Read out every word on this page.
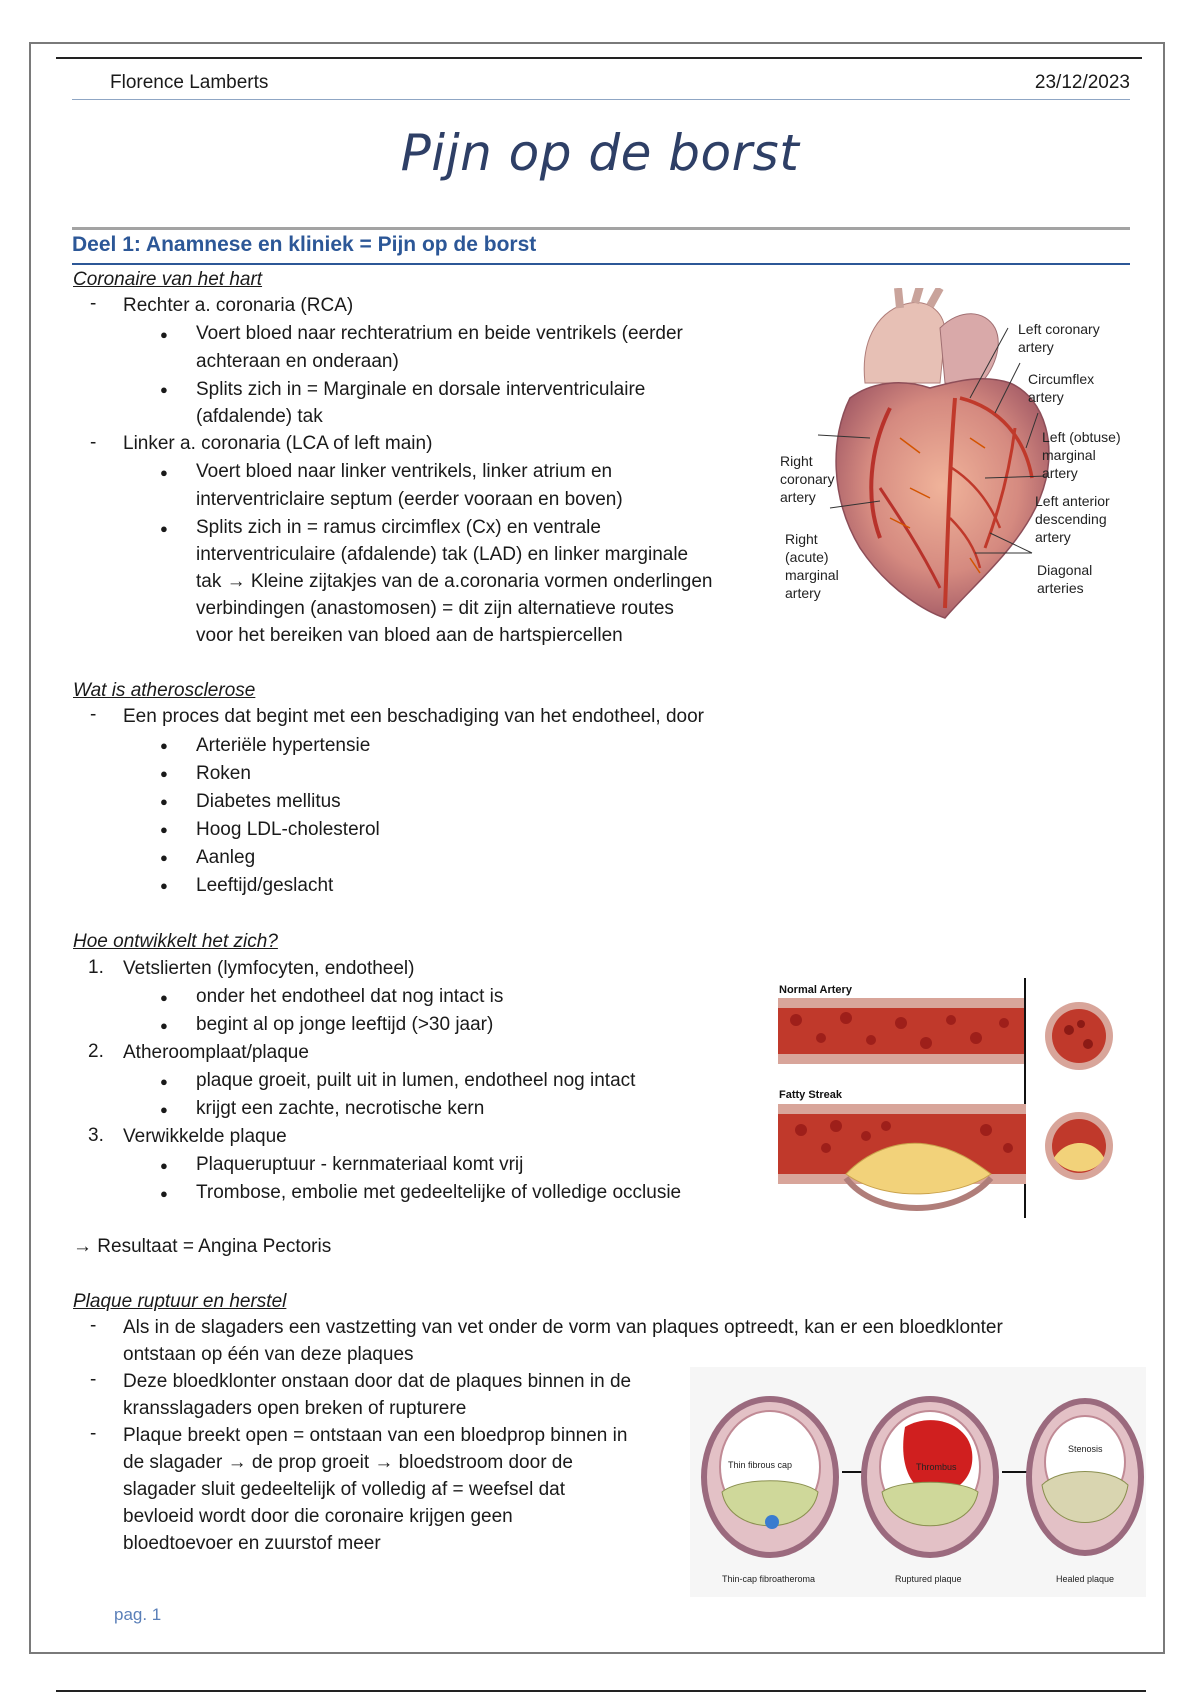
Florence Lamberts	23/12/2023
Pijn op de borst
Deel 1: Anamnese en kliniek = Pijn op de borst
Coronaire van het hart
- Rechter a. coronaria (RCA)
● Voert bloed naar rechteratrium en beide ventrikels (eerder
achteraan en onderaan)
● Splits zich in = Marginale en dorsale interventriculaire
(afdalende) tak
- Linker a. coronaria (LCA of left main)
● Voert bloed naar linker ventrikels, linker atrium en
interventriclaire septum (eerder vooraan en boven)
● Splits zich in = ramus circimflex (Cx) en ventrale
interventriculaire (afdalende) tak (LAD) en linker marginale
tak → Kleine zijtakjes van de a.coronaria vormen onderlingen
verbindingen (anastomosen) = dit zijn alternatieve routes
voor het bereiken van bloed aan de hartspiercellen
Left coronary
artery
Circumflex
artery
Left (obtuse)
marginal
artery
Left anterior
descending
artery
Diagonal
arteries
Right
coronary
artery
Right
(acute)
marginal
artery
Wat is atherosclerose
- Een proces dat begint met een beschadiging van het endotheel, door
● Arteriële hypertensie
● Roken
● Diabetes mellitus
● Hoog LDL-cholesterol
● Aanleg
● Leeftijd/geslacht
Hoe ontwikkelt het zich?
1. Vetslierten (lymfocyten, endotheel)
● onder het endotheel dat nog intact is
● begint al op jonge leeftijd (>30 jaar)
2. Atheroomplaat/plaque
● plaque groeit, puilt uit in lumen, endotheel nog intact
● krijgt een zachte, necrotische kern
3. Verwikkelde plaque
● Plaqueruptuur - kernmateriaal komt vrij
● Trombose, embolie met gedeeltelijke of volledige occlusie
→ Resultaat = Angina Pectoris
Normal Artery
Fatty Streak
Plaque ruptuur en herstel
- Als in de slagaders een vastzetting van vet onder de vorm van plaques optreedt, kan er een bloedklonter
ontstaan op één van deze plaques
- Deze bloedklonter onstaan door dat de plaques binnen in de
kransslagaders open breken of rupturere
- Plaque breekt open = ontstaan van een bloedprop binnen in
de slagader → de prop groeit → bloedstroom door de
slagader sluit gedeeltelijk of volledig af = weefsel dat
bevloeid wordt door die coronaire krijgen geen
bloedtoevoer en zuurstof meer
Thin fibrous cap	Thrombus
Stenosis
Thin-cap fibroatheroma	Ruptured plaque	Healed plaque
pag. 1
